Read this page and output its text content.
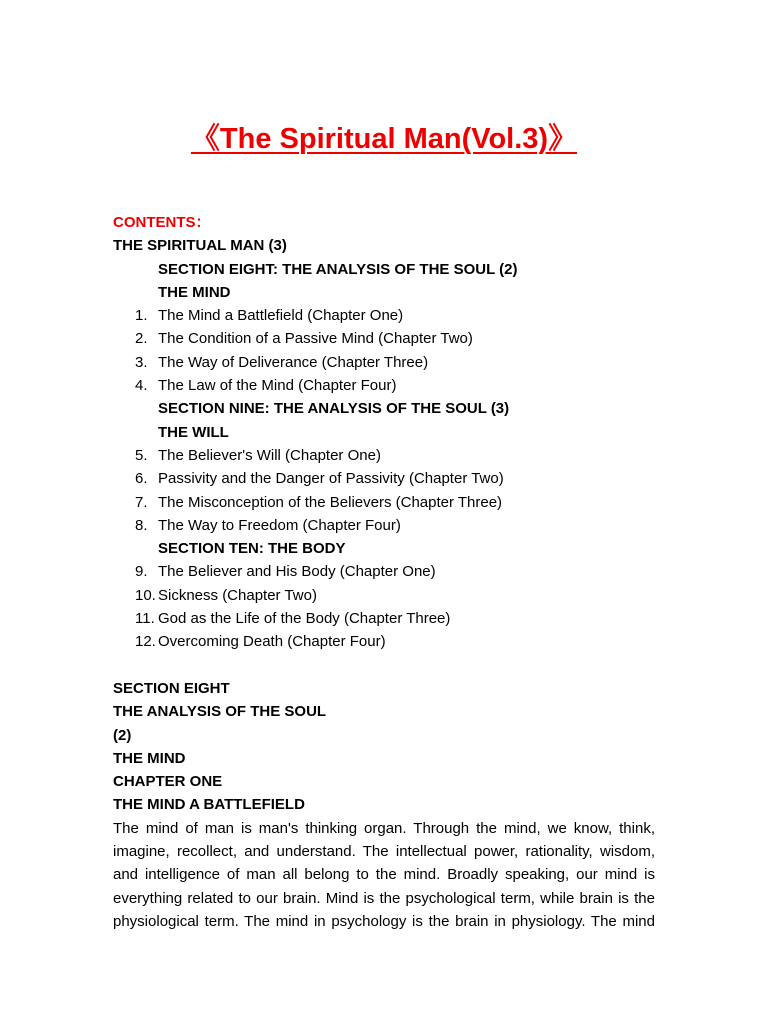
《The Spiritual Man(Vol.3)》
CONTENTS：
THE SPIRITUAL MAN (3)
SECTION EIGHT: THE ANALYSIS OF THE SOUL (2)
THE MIND
1. The Mind a Battlefield (Chapter One)
2. The Condition of a Passive Mind (Chapter Two)
3. The Way of Deliverance (Chapter Three)
4. The Law of the Mind (Chapter Four)
SECTION NINE: THE ANALYSIS OF THE SOUL (3)
THE WILL
5. The Believer's Will (Chapter One)
6. Passivity and the Danger of Passivity (Chapter Two)
7. The Misconception of the Believers (Chapter Three)
8. The Way to Freedom (Chapter Four)
SECTION TEN: THE BODY
9. The Believer and His Body (Chapter One)
10. Sickness (Chapter Two)
11. God as the Life of the Body (Chapter Three)
12. Overcoming Death (Chapter Four)
SECTION EIGHT
THE ANALYSIS OF THE SOUL
(2)
THE MIND
CHAPTER ONE
THE MIND A BATTLEFIELD
The mind of man is man's thinking organ. Through the mind, we know, think,
imagine, recollect, and understand. The intellectual power, rationality, wisdom,
and intelligence of man all belong to the mind. Broadly speaking, our mind is
everything related to our brain. Mind is the psychological term, while brain is the
physiological term. The mind in psychology is the brain in physiology. The mind
